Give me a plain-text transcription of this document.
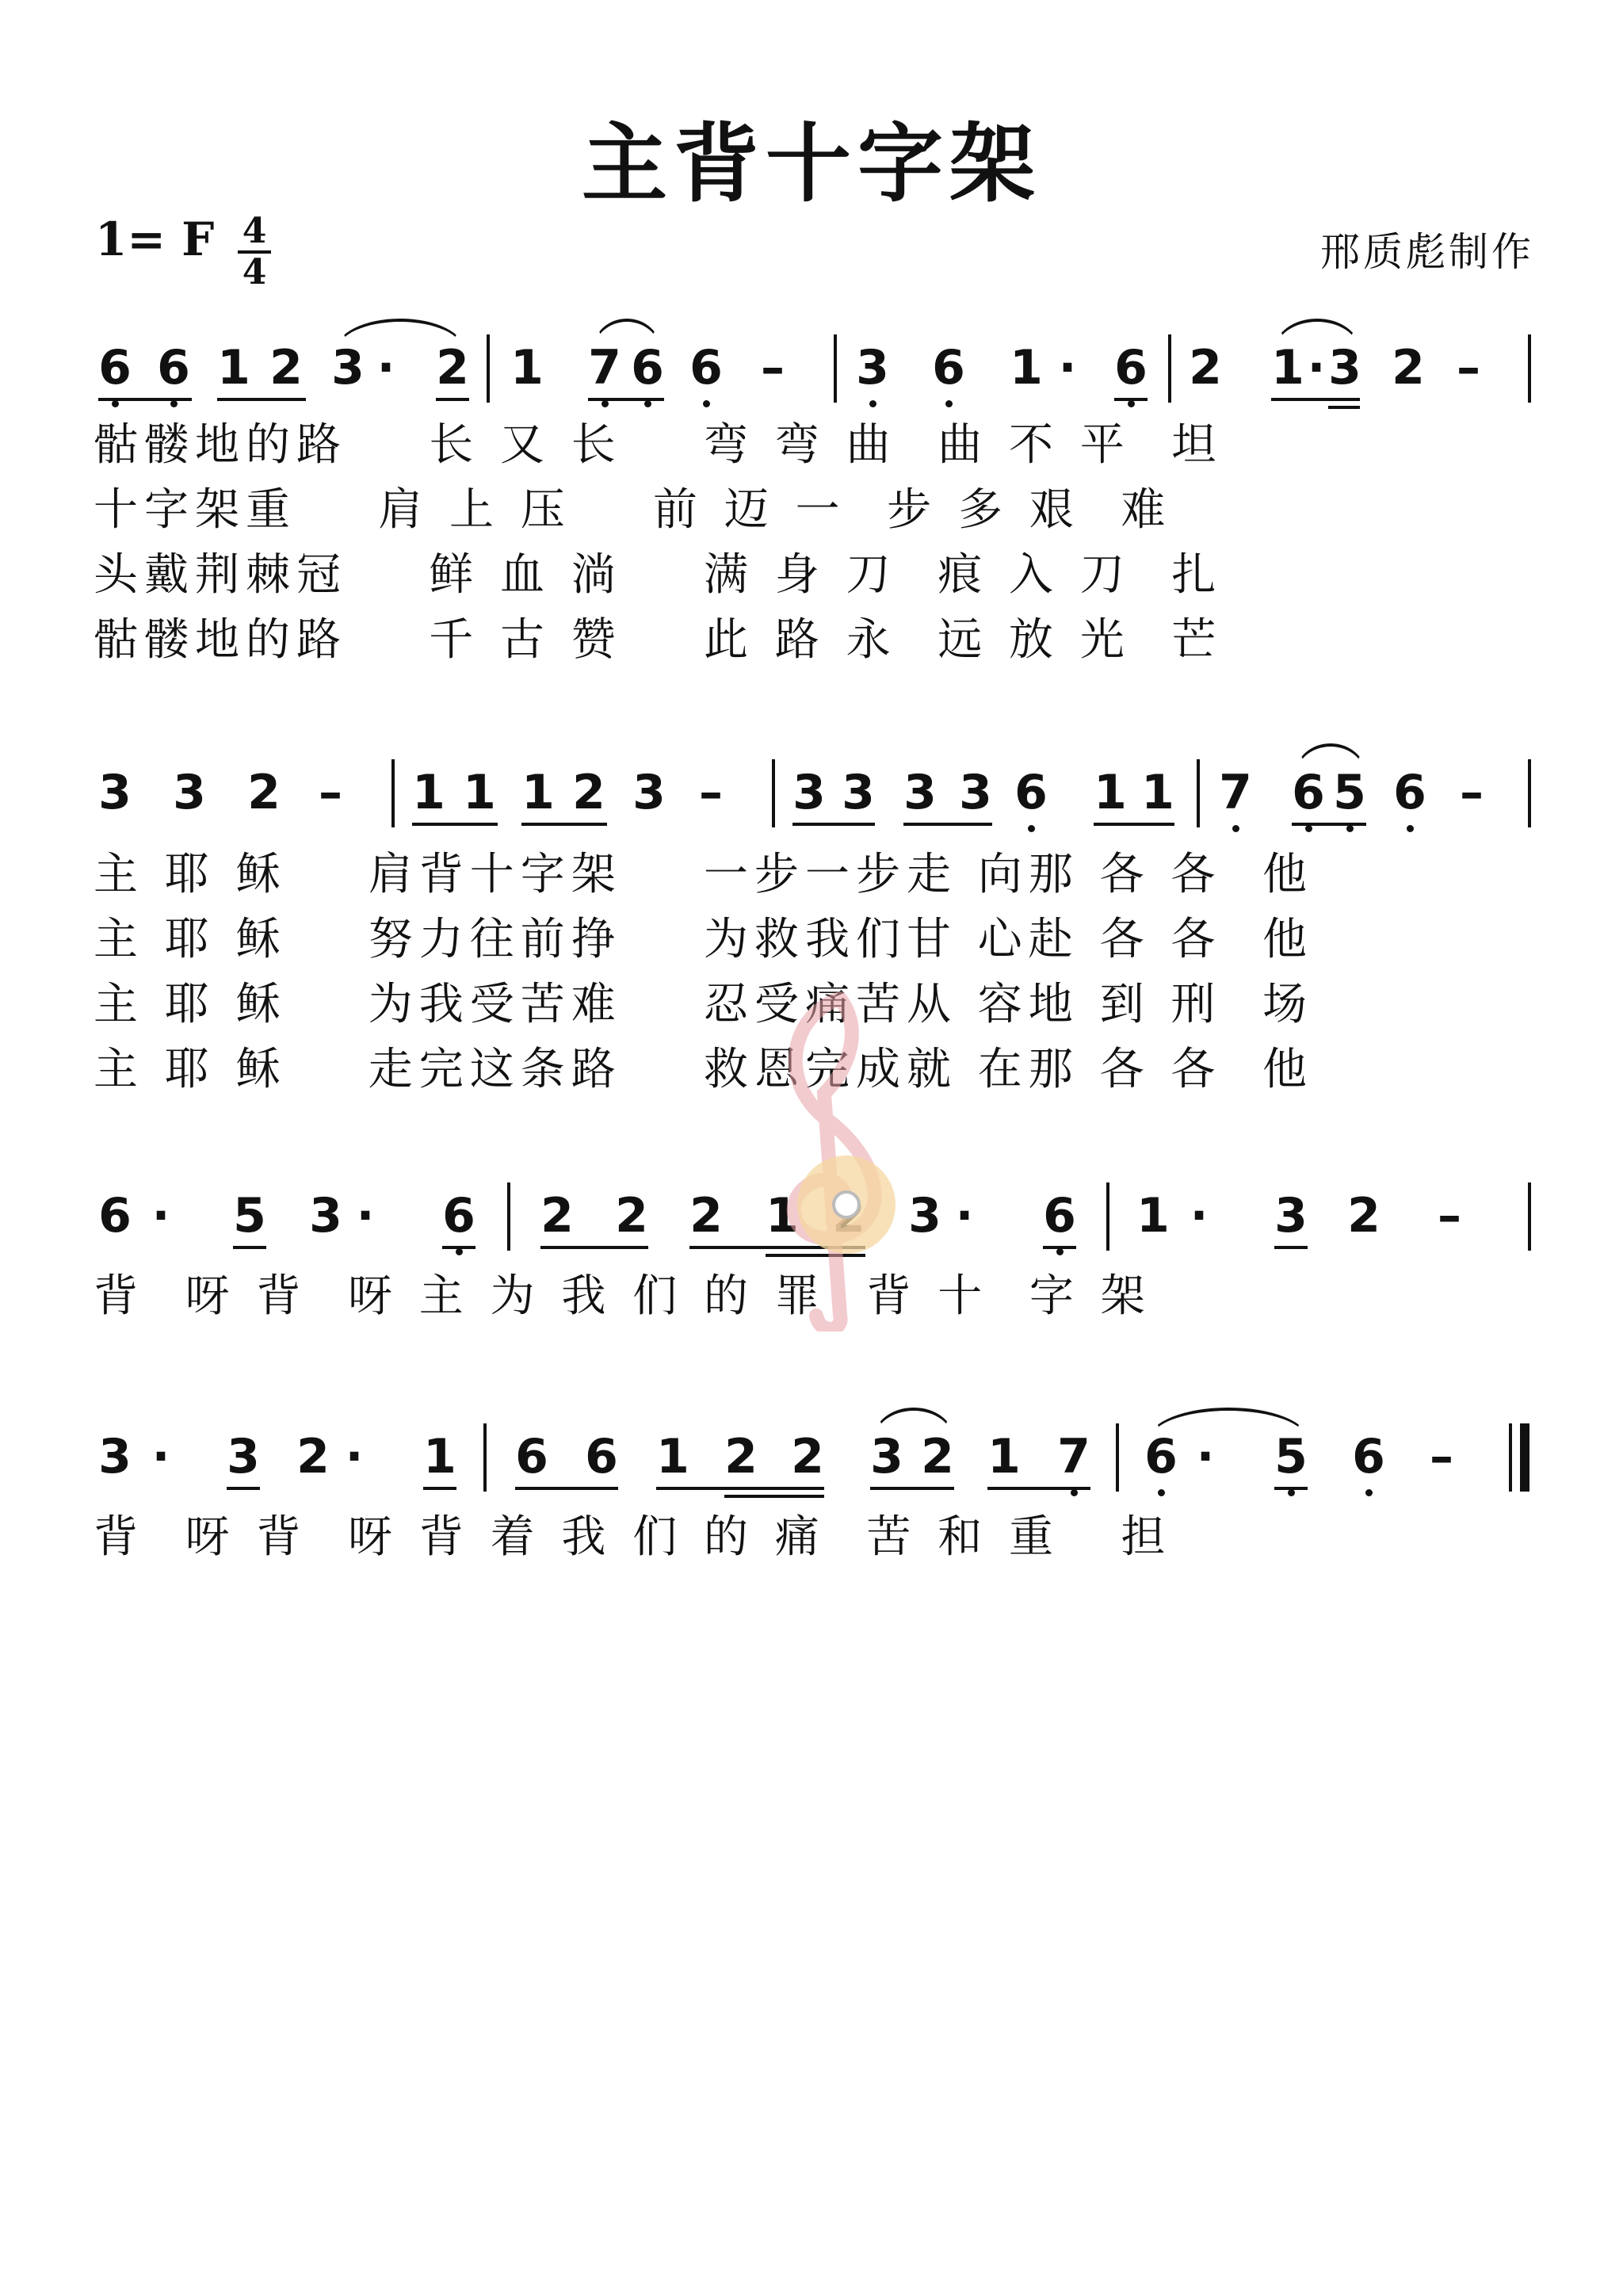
主背十字架
1= F 4
4	邢质彪制作
6 6 1 2 3 · 2 1 7 6 6 – 3 6 1 · 6 2 1 · 3 2 –
骷髅地的路    长 又 长    弯 弯 曲  曲 不 平  坦
十字架重    肩 上 压    前 迈 一  步 多 艰  难
头戴荆棘冠    鲜 血 淌    满 身 刀  痕 入 刀  扎
骷髅地的路    千 古 赞    此 路 永  远 放 光  芒
3 3 2 – 1 1 1 2 3 – 3 3 3 3 6 1 1 7 6 5 6 –
主 耶 稣    肩背十字架    一步一步走 向那 各 各  他
主 耶 稣    努力往前挣    为救我们甘 心赴 各 各  他
主 耶 稣    为我受苦难    忍受痛苦从 容地 到 刑  场
主 耶 稣    走完这条路    救恩完成就 在那 各 各  他
6 · 5 3 · 6 2 2 2 1 3 · 6 1 · 3 2 –
背  呀 背  呀 主 为 我 们 的 罪  背 十  字 架
3 · 3 2 · 1 6 6 1 2 2 3 2 1 7 6 · 5 6 –
背  呀 背  呀 背 着 我 们 的 痛  苦 和 重   担
